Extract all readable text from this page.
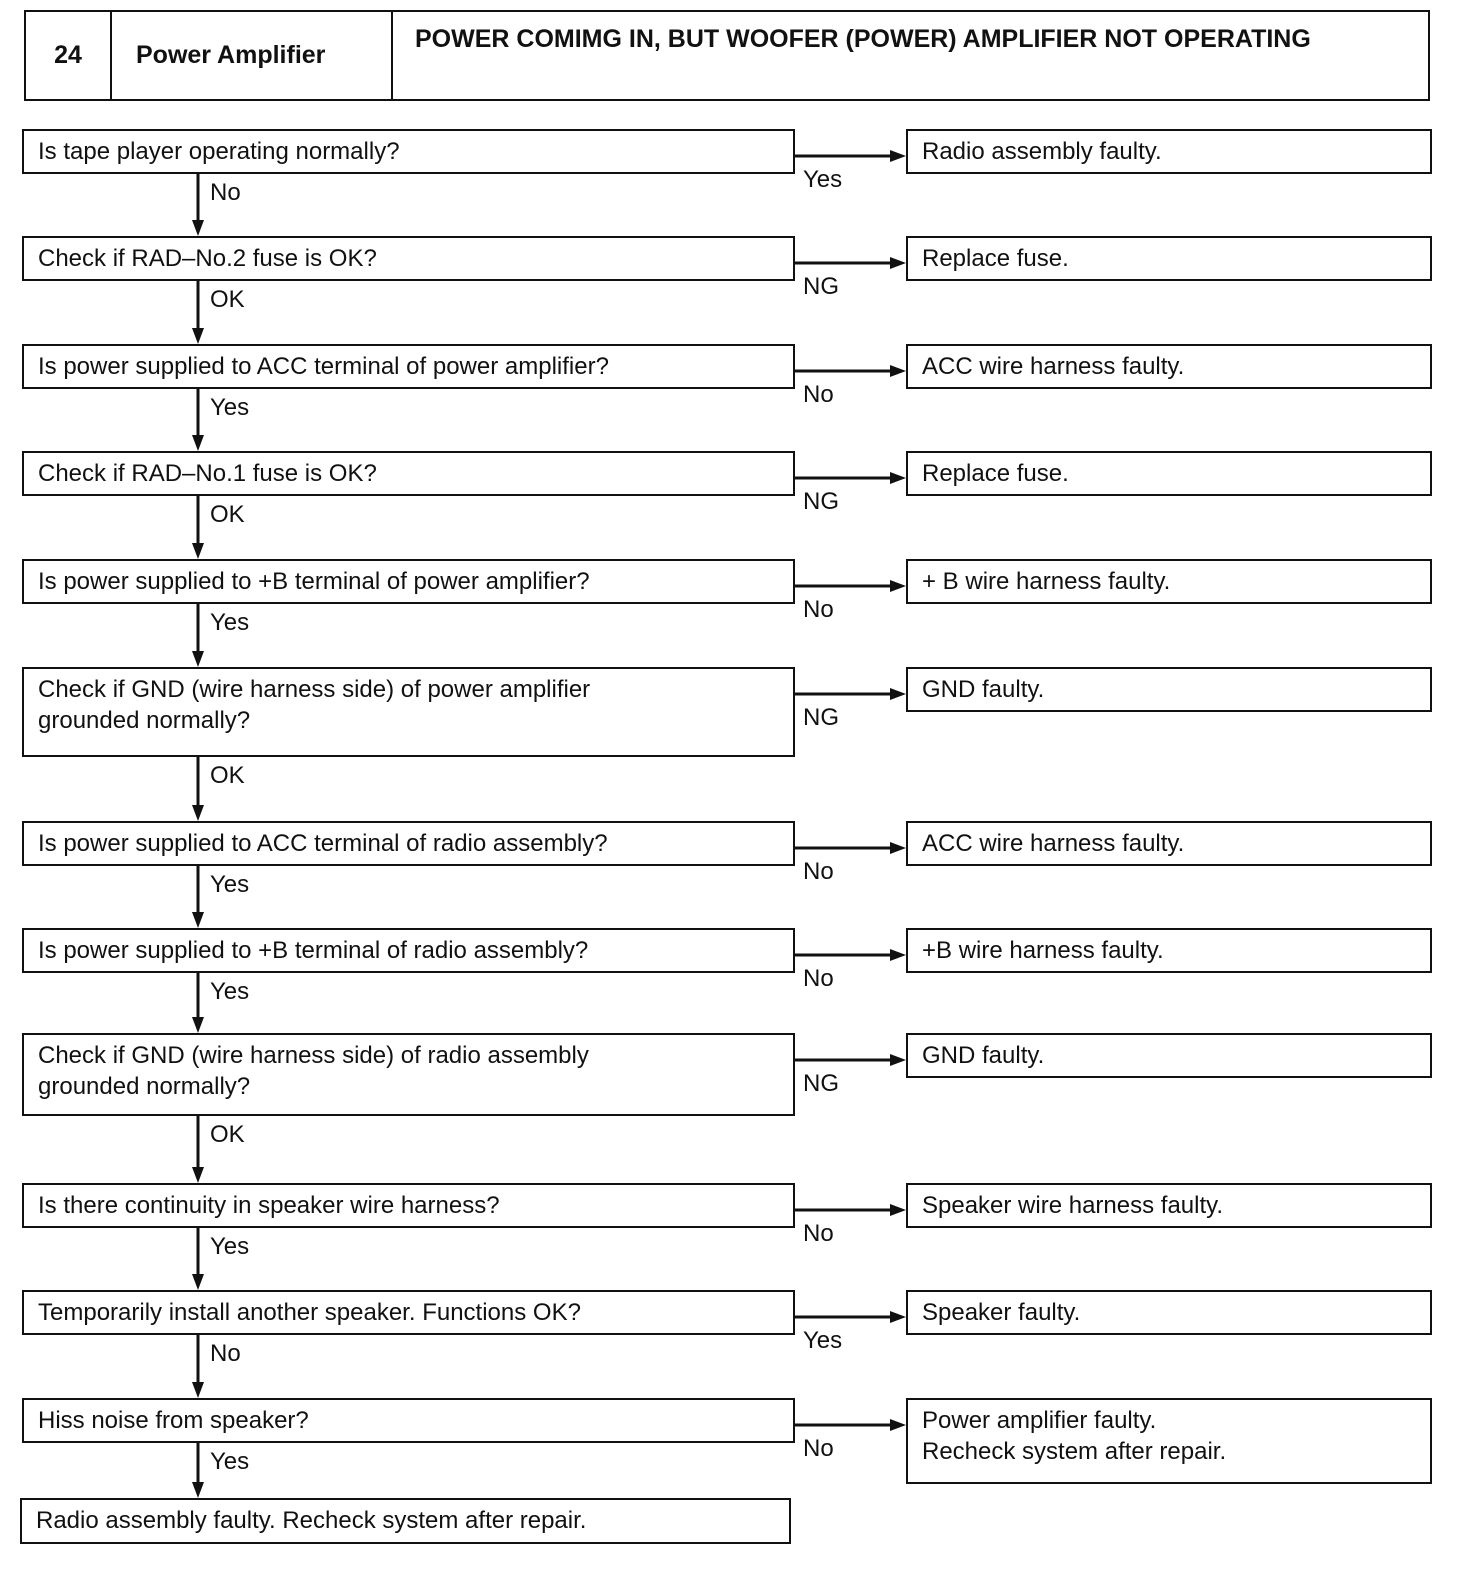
24	Power Amplifier
POWER COMIMG IN, BUT WOOFER (POWER) AMPLIFIER NOT OPERATING
Is tape player operating normally?	Radio assembly faulty.
Yes
No
Check if RAD–No.2 fuse is OK?	Replace fuse.
NG
OK
Is power supplied to ACC terminal of power amplifier?	ACC wire harness faulty.
No
Yes
Check if RAD–No.1 fuse is OK?	Replace fuse.
NG
OK
Is power supplied to +B terminal of power amplifier?	+ B wire harness faulty.
No
Yes
Check if GND (wire harness side) of power amplifier
grounded normally?
GND faulty.
NG
OK
Is power supplied to ACC terminal of radio assembly?	ACC wire harness faulty.
No
Yes
Is power supplied to +B terminal of radio assembly?	+B wire harness faulty.
No
Yes
Check if GND (wire harness side) of radio assembly
grounded normally?
GND faulty.
NG
OK
Is there continuity in speaker wire harness?	Speaker wire harness faulty.
No
Yes
Temporarily install another speaker. Functions OK?	Speaker faulty.
Yes
No
Hiss noise from speaker?	Power amplifier faulty.
Recheck system after repair.
No
Yes
Radio assembly faulty. Recheck system after repair.
